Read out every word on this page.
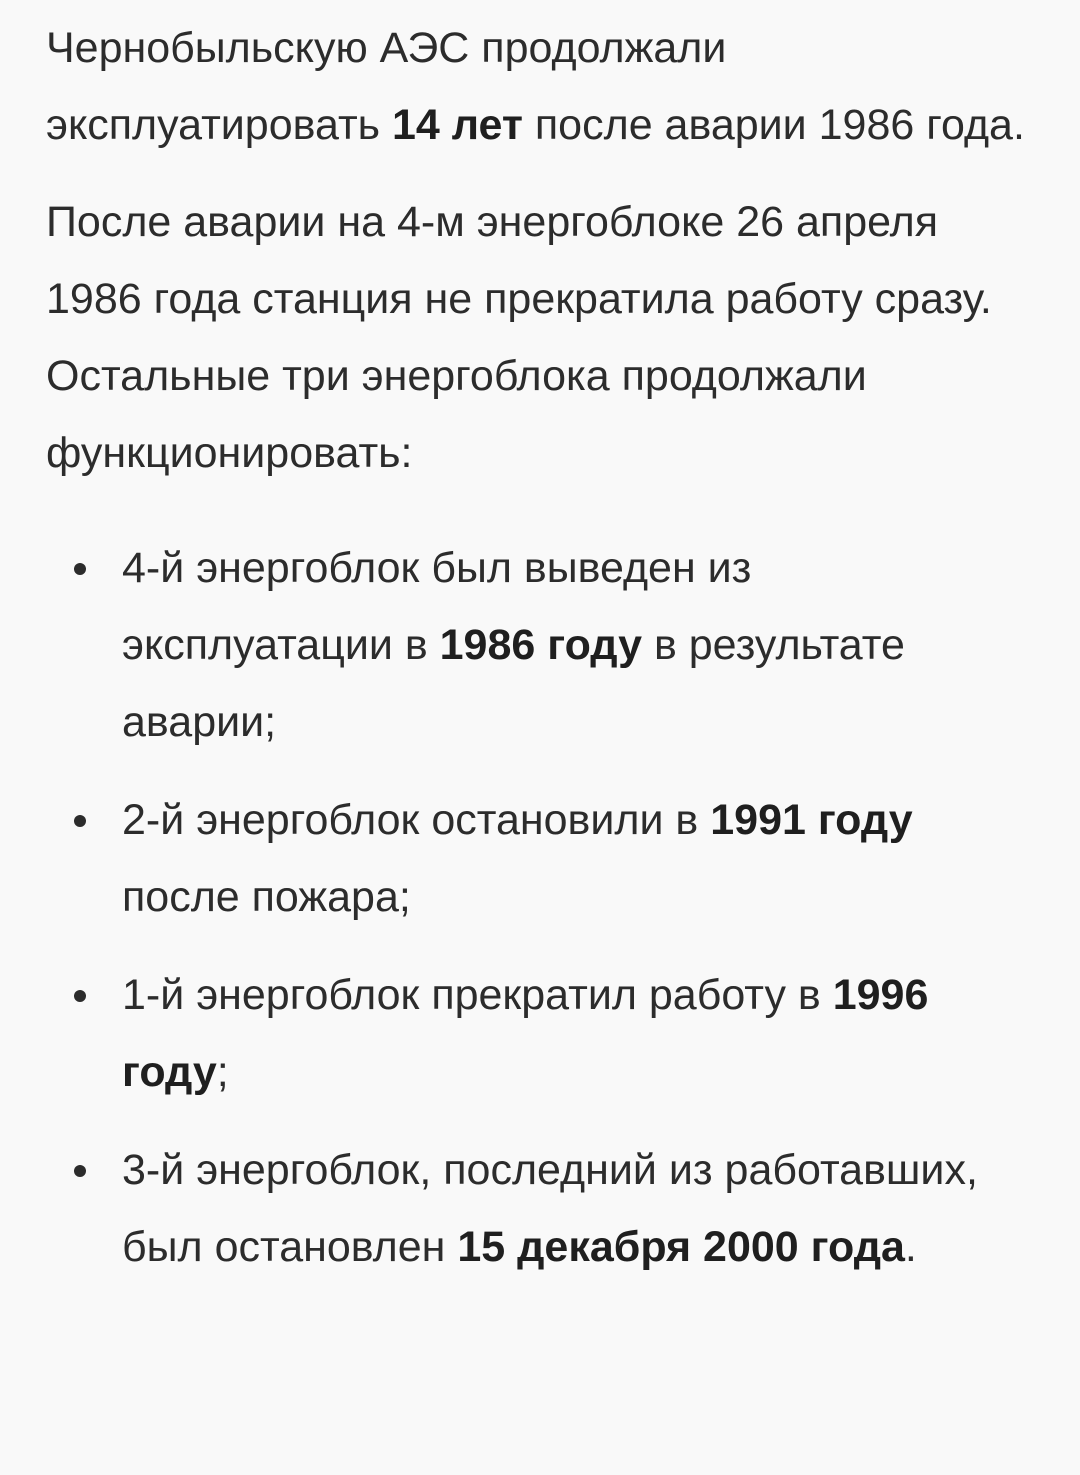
Чернобыльскую АЭС продолжали эксплуатировать 14 лет после аварии 1986 года.

После аварии на 4-м энергоблоке 26 апреля 1986 года станция не прекратила работу сразу. Остальные три энергоблока продолжали функционировать:

4-й энергоблок был выведен из эксплуатации в 1986 году в результате аварии;
2-й энергоблок остановили в 1991 году
после пожара;
1-й энергоблок прекратил работу в 1996 году;
3-й энергоблок, последний из работавших, был остановлен 15 декабря 2000 года.
